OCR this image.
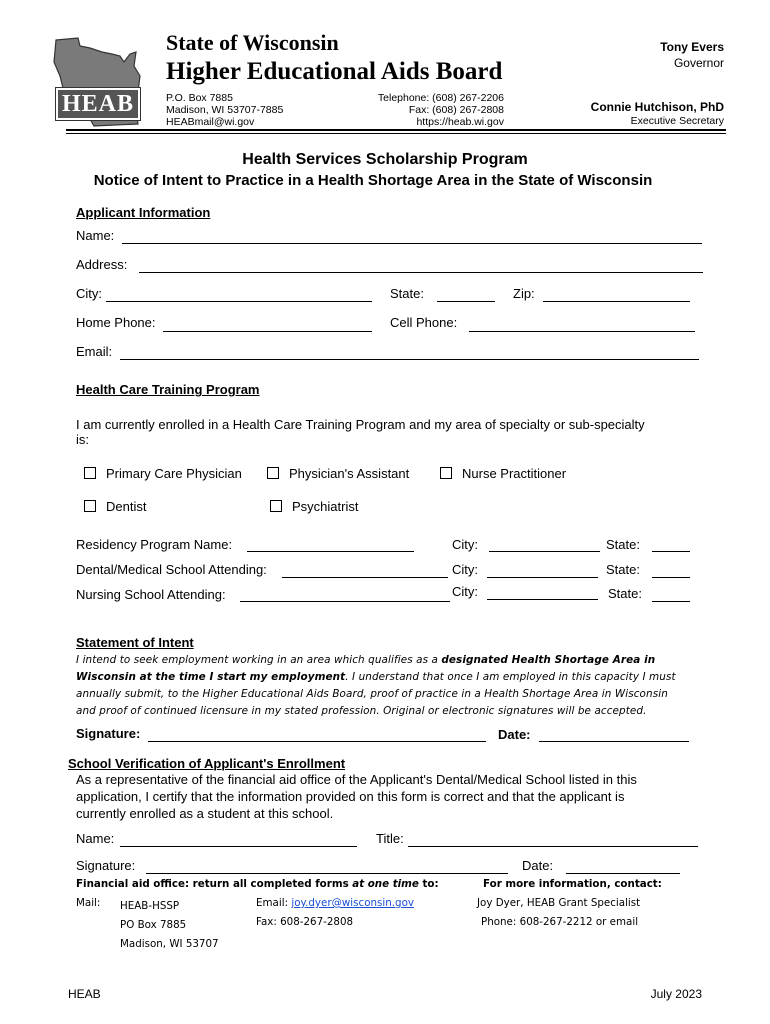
HEAB
State of Wisconsin
Higher Educational Aids Board
P.O. Box 7885
Madison, WI 53707-7885
HEABmail@wi.gov
Telephone: (608) 267-2206
Fax: (608) 267-2808
https://heab.wi.gov
Tony Evers
Governor
Connie Hutchison, PhD
Executive Secretary
Health Services Scholarship Program
Notice of Intent to Practice in a Health Shortage Area in the State of Wisconsin
Applicant Information
Name:
Address:
City:	State:	Zip:
Home Phone:	Cell Phone:
Email:
Health Care Training Program
I am currently enrolled in a Health Care Training Program and my area of specialty or sub-specialty
is:
Primary Care Physician	Physician's Assistant	Nurse Practitioner
Dentist	Psychiatrist
Residency Program Name:	City:	State:
Dental/Medical School Attending:	City:	State:
Nursing School Attending:	City:	State:
Statement of Intent
I intend to seek employment working in an area which qualifies as a designated Health Shortage Area in
Wisconsin at the time I start my employment. I understand that once I am employed in this capacity I must
annually submit, to the Higher Educational Aids Board, proof of practice in a Health Shortage Area in Wisconsin
and proof of continued licensure in my stated profession. Original or electronic signatures will be accepted.
Signature:	Date:
School Verification of Applicant's Enrollment
As a representative of the financial aid office of the Applicant's Dental/Medical School listed in this
application, I certify that the information provided on this form is correct and that the applicant is
currently enrolled as a student at this school.
Name:	Title:
Signature:	Date:
Financial aid office: return all completed forms at one time to:	For more information, contact:
Mail: HEAB-HSSP
PO Box 7885
Madison, WI 53707
Email: joy.dyer@wisconsin.gov
Fax: 608-267-2808
Joy Dyer, HEAB Grant Specialist
Phone: 608-267-2212 or email
HEAB	July 2023
